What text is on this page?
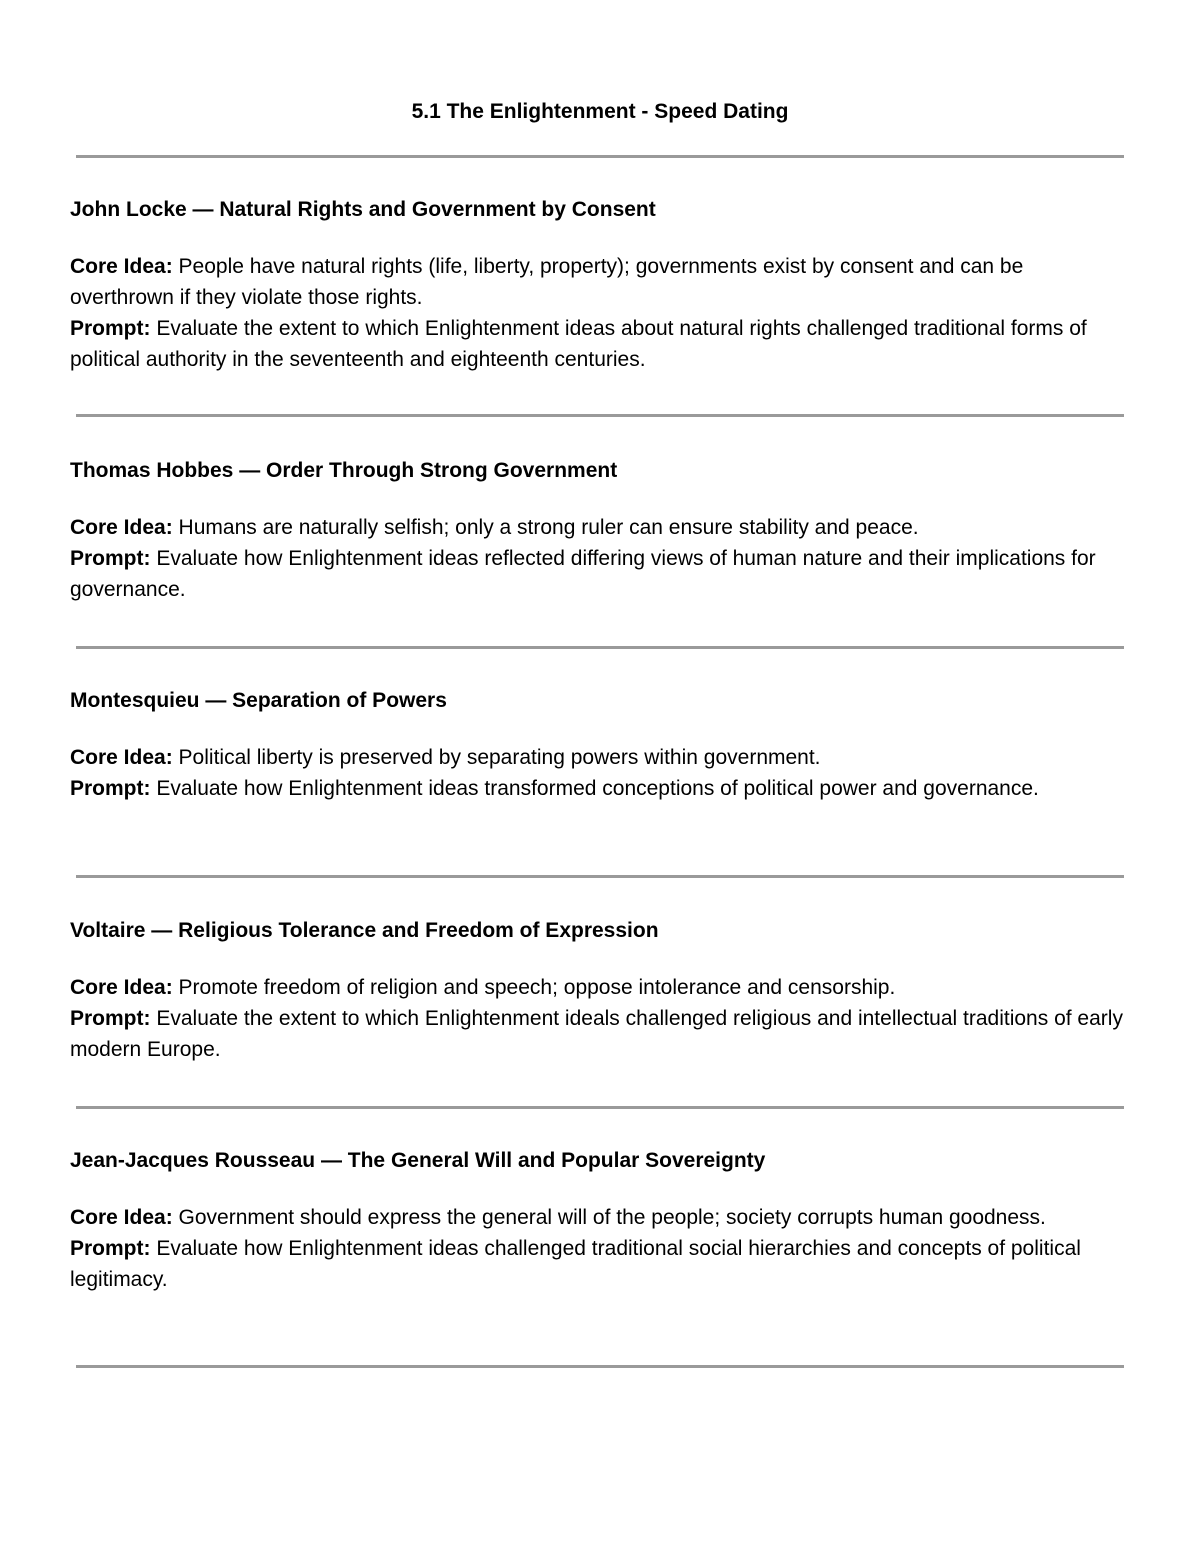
5.1 The Enlightenment - Speed Dating
John Locke — Natural Rights and Government by Consent

Core Idea: People have natural rights (life, liberty, property); governments exist by consent and can be overthrown if they violate those rights.

Prompt: Evaluate the extent to which Enlightenment ideas about natural rights challenged traditional forms of political authority in the seventeenth and eighteenth centuries.

Thomas Hobbes — Order Through Strong Government

Core Idea: Humans are naturally selfish; only a strong ruler can ensure stability and peace.

Prompt: Evaluate how Enlightenment ideas reflected differing views of human nature and their implications for governance.

Montesquieu — Separation of Powers

Core Idea: Political liberty is preserved by separating powers within government.

Prompt: Evaluate how Enlightenment ideas transformed conceptions of political power and governance.

Voltaire — Religious Tolerance and Freedom of Expression

Core Idea: Promote freedom of religion and speech; oppose intolerance and censorship.

Prompt: Evaluate the extent to which Enlightenment ideals challenged religious and intellectual traditions of early modern Europe.

Jean-Jacques Rousseau — The General Will and Popular Sovereignty

Core Idea: Government should express the general will of the people; society corrupts human goodness.

Prompt: Evaluate how Enlightenment ideas challenged traditional social hierarchies and concepts of political legitimacy.
